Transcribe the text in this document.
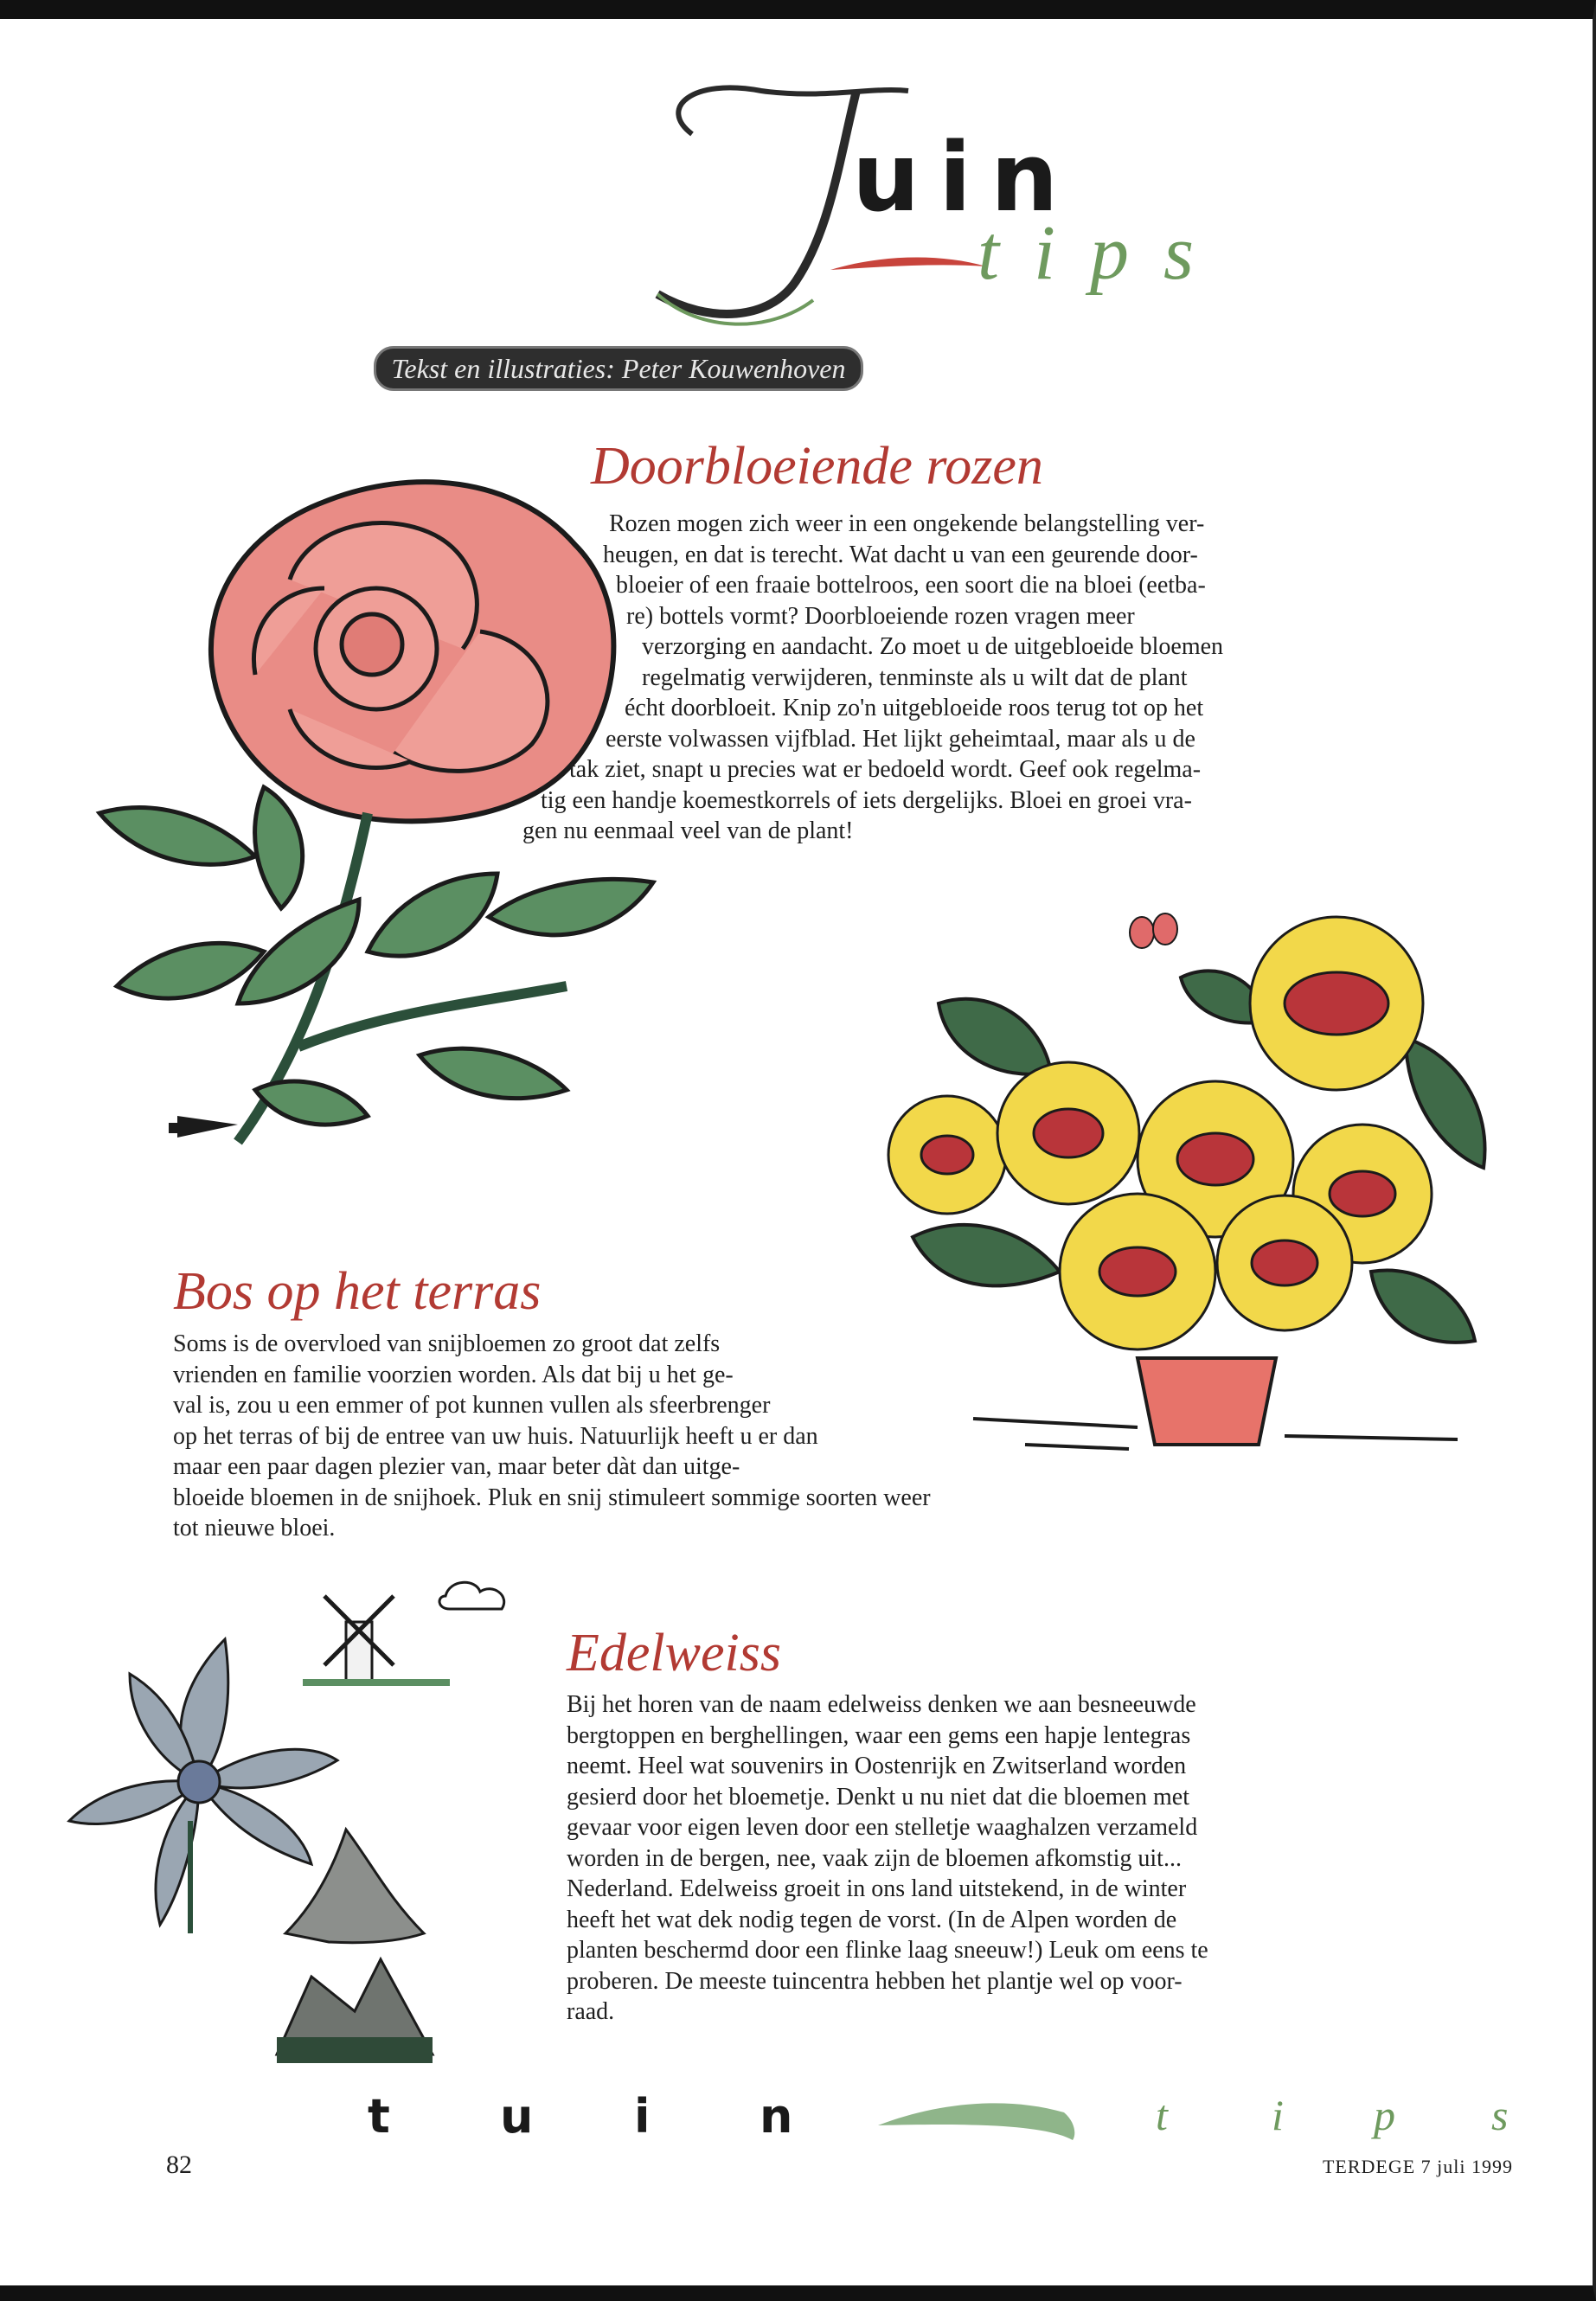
uin
tips
Tekst en illustraties: Peter Kouwenhoven
Doorbloeiende rozen
Rozen mogen zich weer in een ongekende belangstelling ver-
heugen, en dat is terecht. Wat dacht u van een geurende door-
bloeier of een fraaie bottelroos, een soort die na bloei (eetba-
re) bottels vormt? Doorbloeiende rozen vragen meer
verzorging en aandacht. Zo moet u de uitgebloeide bloemen
regelmatig verwijderen, tenminste als u wilt dat de plant
écht doorbloeit. Knip zo'n uitgebloeide roos terug tot op het
eerste volwassen vijfblad. Het lijkt geheimtaal, maar als u de
tak ziet, snapt u precies wat er bedoeld wordt. Geef ook regelma-
tig een handje koemestkorrels of iets dergelijks. Bloei en groei vra-
gen nu eenmaal veel van de plant!
Bos op het terras
Soms is de overvloed van snijbloemen zo groot dat zelfs
vrienden en familie voorzien worden. Als dat bij u het ge-
val is, zou u een emmer of pot kunnen vullen als sfeerbrenger
op het terras of bij de entree van uw huis. Natuurlijk heeft u er dan
maar een paar dagen plezier van, maar beter dàt dan uitge-
bloeide bloemen in de snijhoek. Pluk en snij stimuleert sommige soorten weer
tot nieuwe bloei.
Edelweiss
Bij het horen van de naam edelweiss denken we aan besneeuwde
bergtoppen en berghellingen, waar een gems een hapje lentegras
neemt. Heel wat souvenirs in Oostenrijk en Zwitserland worden
gesierd door het bloemetje. Denkt u nu niet dat die bloemen met
gevaar voor eigen leven door een stelletje waaghalzen verzameld
worden in de bergen, nee, vaak zijn de bloemen afkomstig uit...
Nederland. Edelweiss groeit in ons land uitstekend, in de winter
heeft het wat dek nodig tegen de vorst. (In de Alpen worden de
planten beschermd door een flinke laag sneeuw!) Leuk om eens te
proberen. De meeste tuincentra hebben het plantje wel op voor-
raad.
t u i n	t i p s
82	TERDEGE 7 juli 1999
